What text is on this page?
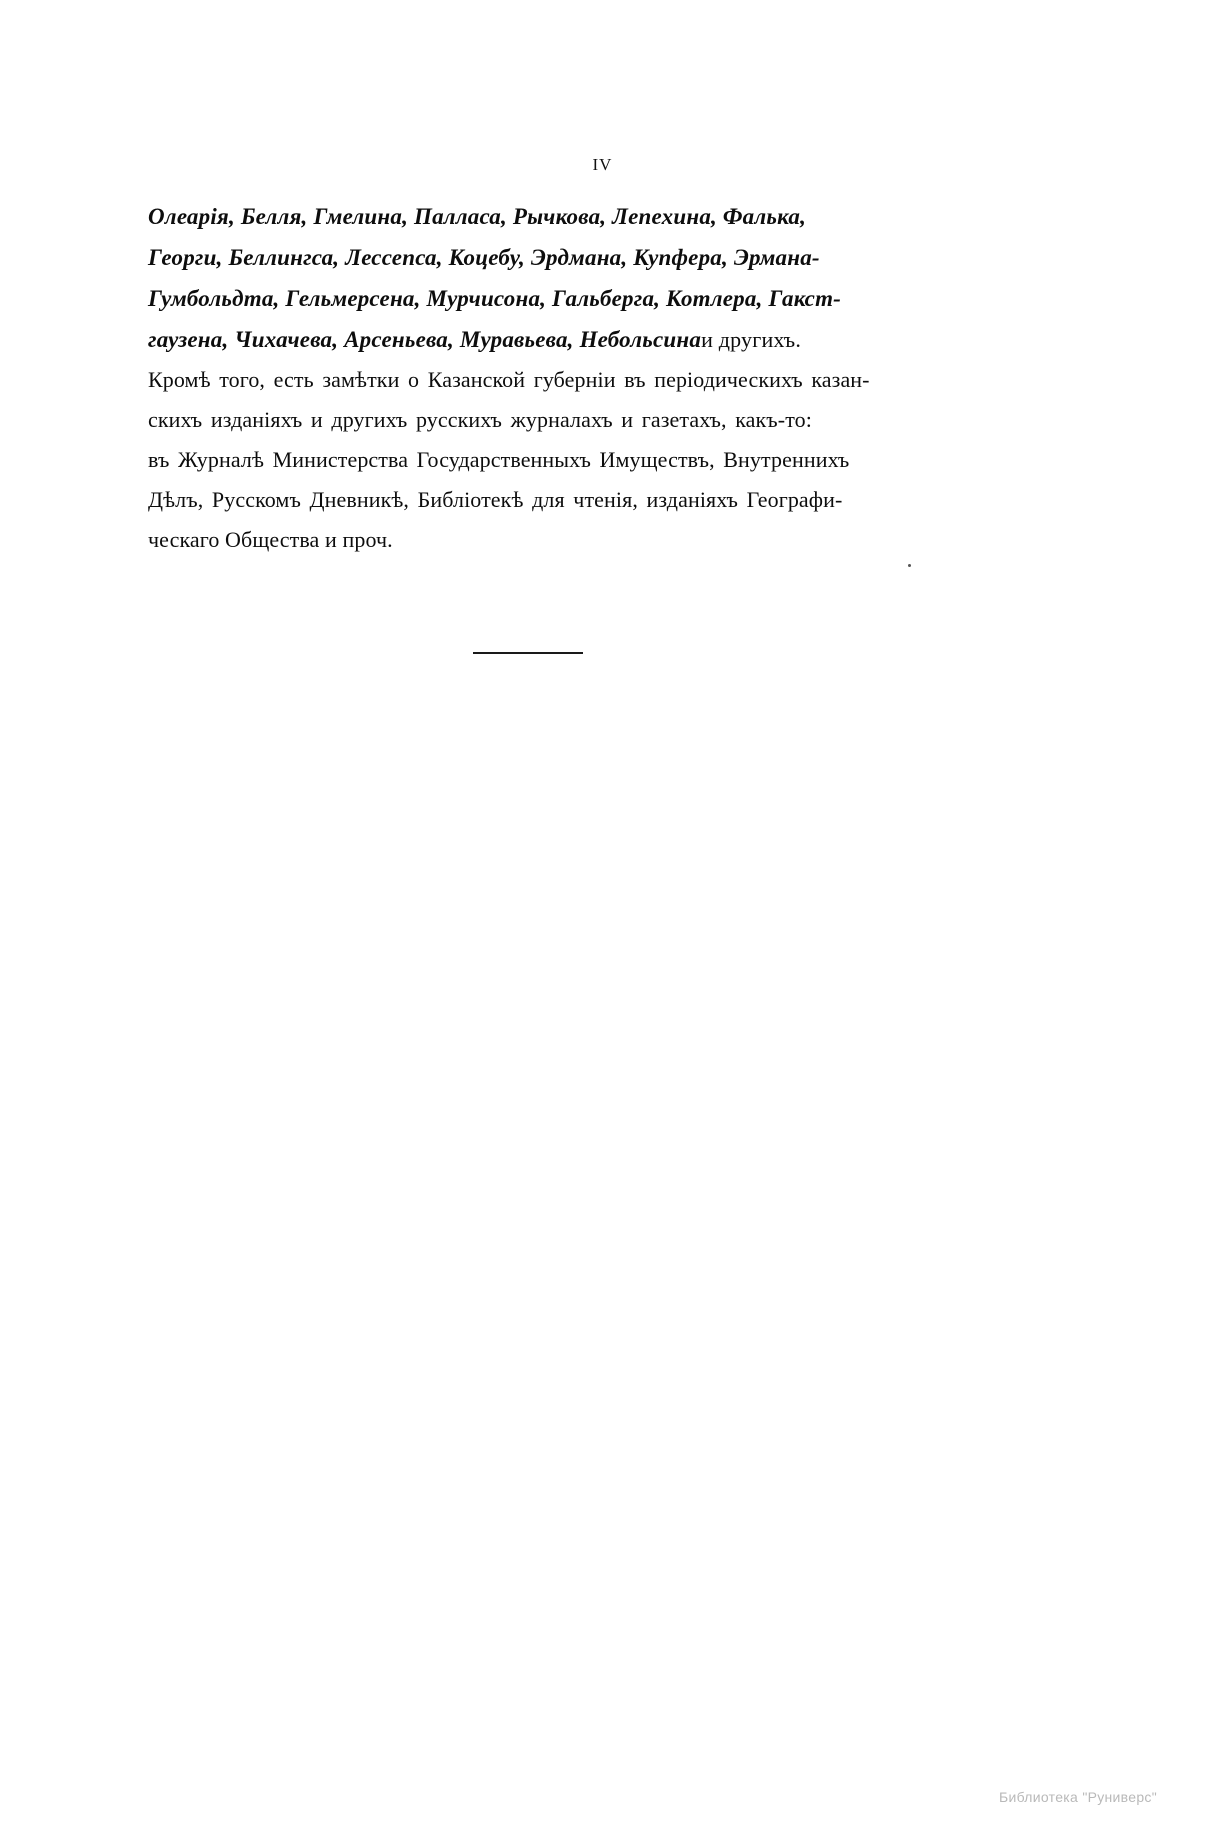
IV
Олеарія, Белля, Гмелина, Палласа, Рычкова, Лепехина, Фалька,
Георги, Беллингса, Лессепса, Коцебу, Эрдмана, Купфера, Эрмана-
Гумбольдта, Гельмерсена, Мурчисона, Гальберга, Котлера, Гакст-
гаузена, Чихачева, Арсеньева, Муравьева, Небольсинаи другихъ.
Кромѣ того, есть замѣтки о Казанской губерніи въ періодическихъ казан-
скихъ изданіяхъ и другихъ русскихъ журналахъ и газетахъ, какъ-то:
въ Журналѣ Министерства Государственныхъ Имуществъ, Внутреннихъ
Дѣлъ, Русскомъ Дневникѣ, Библіотекѣ для чтенія, изданіяхъ Географи-
ческаго Общества и проч.
Библиотека "Руниверс"
